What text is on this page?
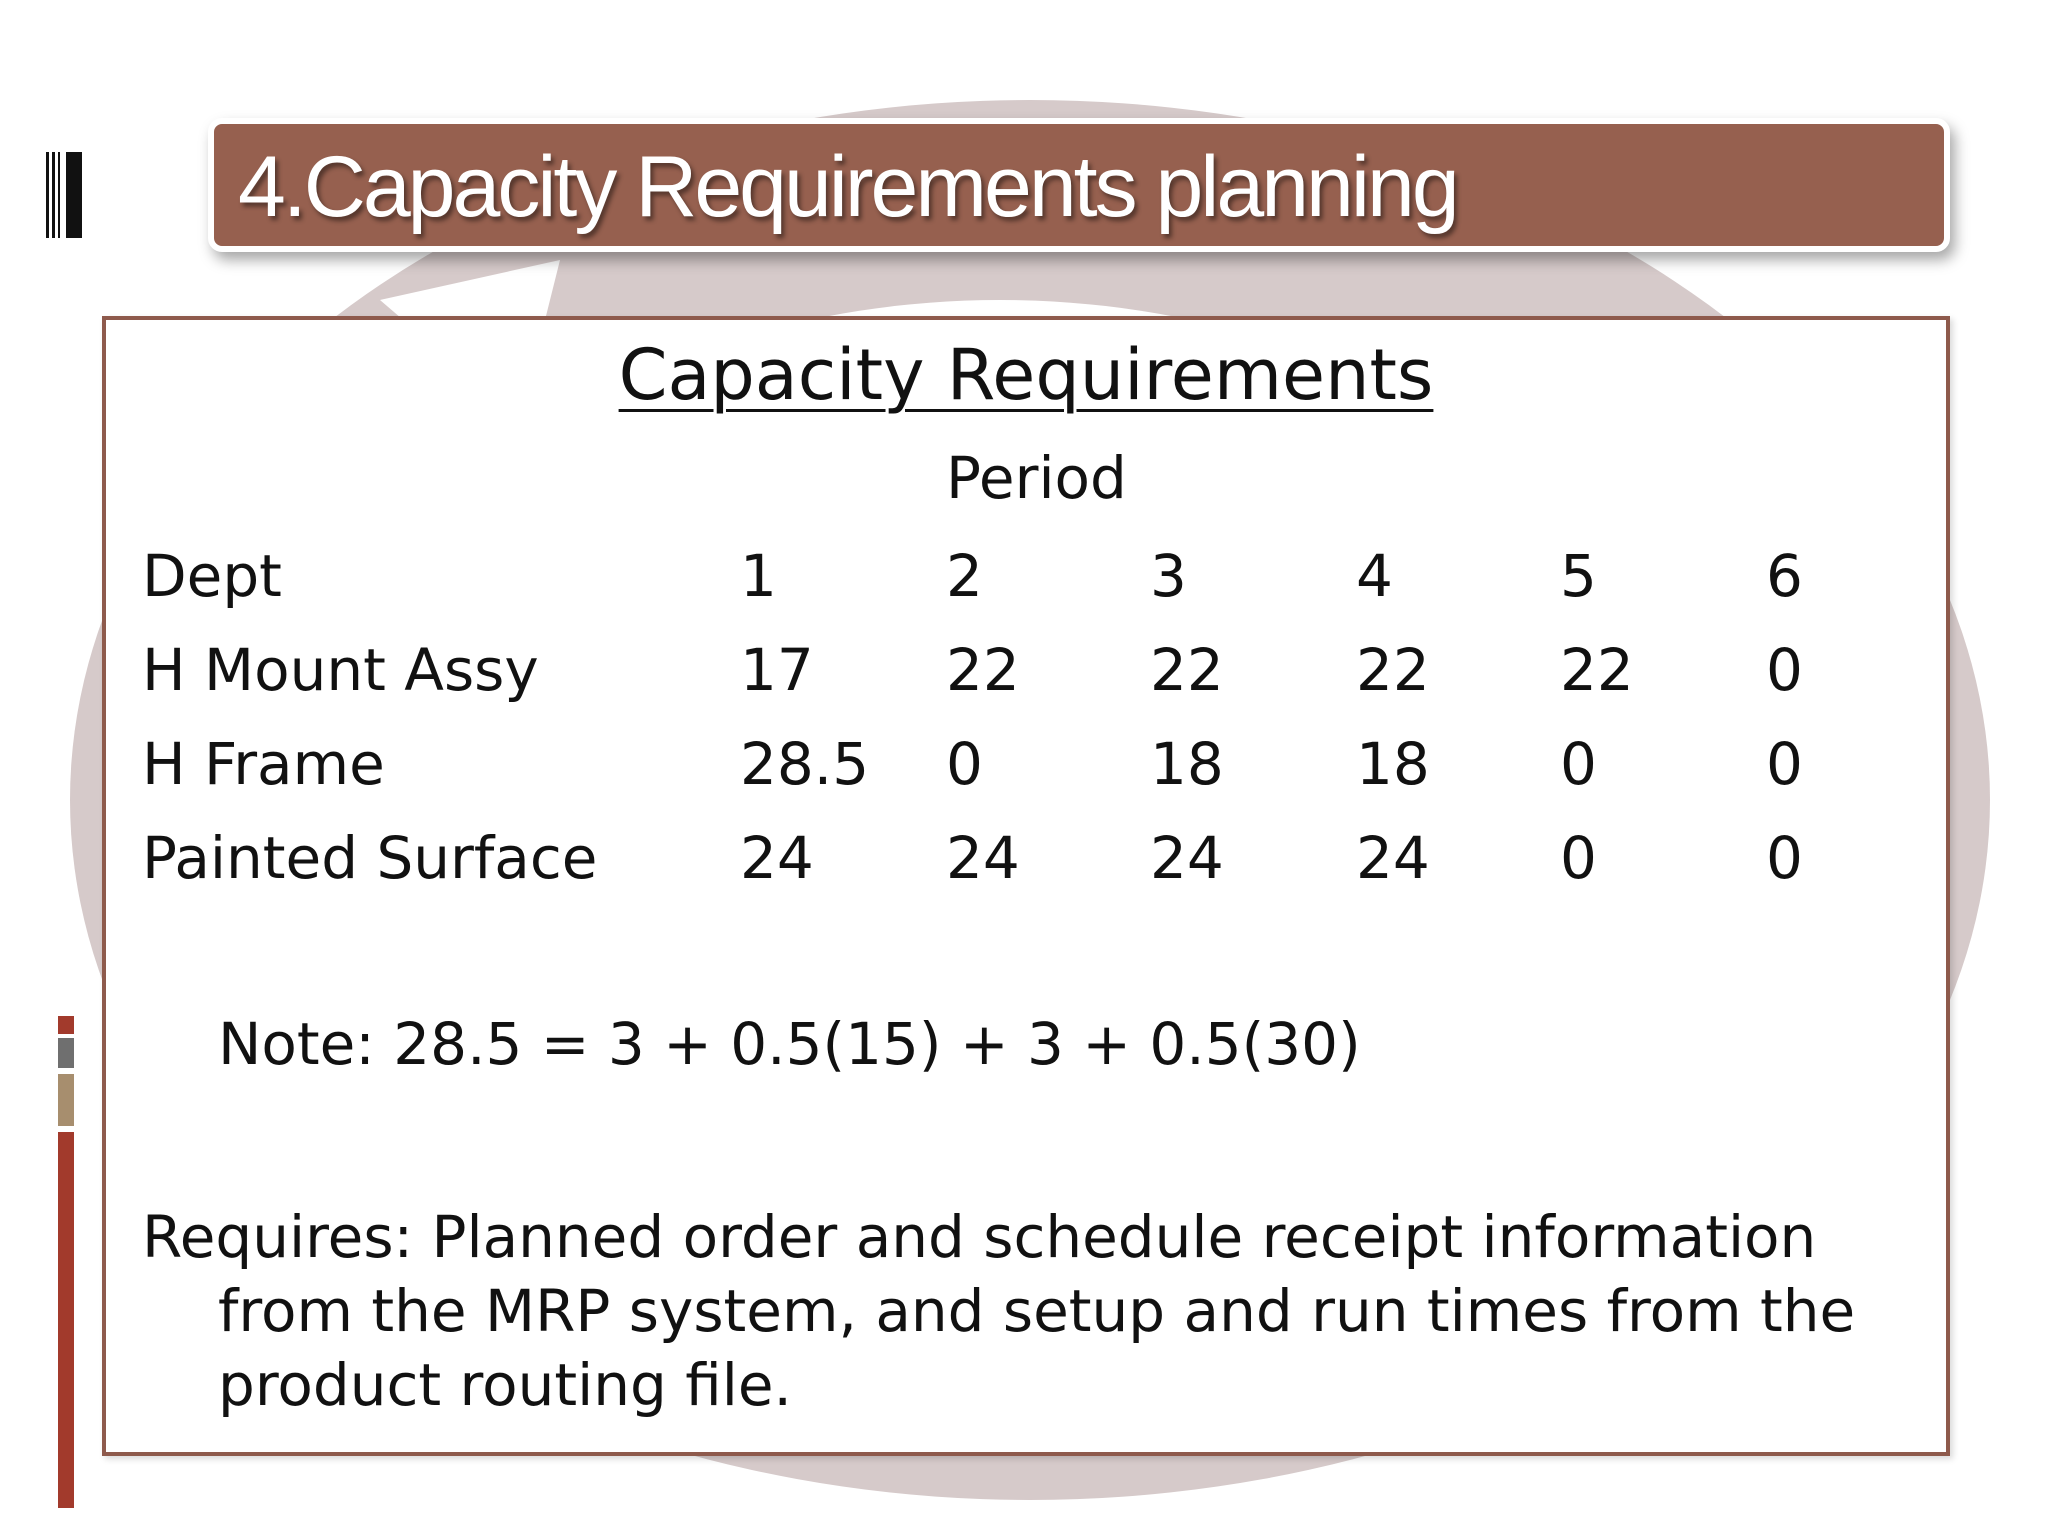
4.Capacity Requirements planning
Capacity Requirements
Period
Dept	1	2	3	4	5	6
H Mount Assy	17 22 22 22 22 0
H Frame	28.5 0	18 18 0	0
Painted Surface 24 24 24 24 0	0
Note: 28.5 = 3 + 0.5(15) + 3 + 0.5(30)
Requires: Planned order and schedule receipt information from the MRP system, and setup and run times from the product routing file.
